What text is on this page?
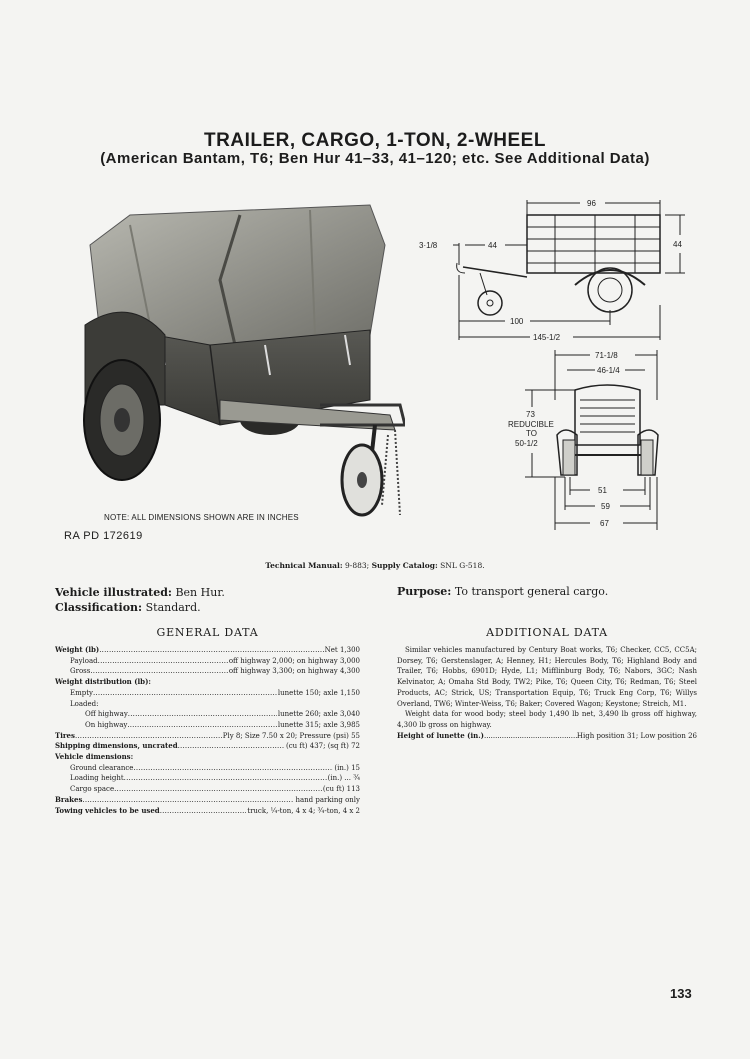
TRAILER, CARGO, 1-TON, 2-WHEEL
(American Bantam, T6; Ben Hur 41–33, 41–120; etc. See Additional Data)
NOTE: ALL DIMENSIONS SHOWN ARE IN INCHES
RA PD 172619
96
3·1/8	44	44
100
145-1/2
71-1/8
46-1/4
73
REDUCIBLE
TO
50-1/2
51
59
67
Technical Manual: 9-883; Supply Catalog: SNL G-518.
Vehicle illustrated: Ben Hur.
Classification: Standard.
Purpose: To transport general cargo.
GENERAL DATA	ADDITIONAL DATA
Weight (lb) .....	Net 1,300
Payload .....	off highway 2,000; on highway 3,000
Gross .....	off highway 3,300; on highway 4,300
Weight distribution (lb):
Empty .....	lunette 150; axle 1,150
Loaded:
Off highway .....	lunette 260; axle 3,040
On highway .....	lunette 315; axle 3,985
Tires .....	Ply 8; Size 7.50 x 20; Pressure (psi) 55
Shipping dimensions, uncrated .....	(cu ft) 437; (sq ft) 72
Vehicle dimensions:
Ground clearance .....	(in.) 15
Loading height .....	(in.) ... ¾
Cargo space .....	(cu ft) 113
Brakes .....	hand parking only
Towing vehicles to be used .....	truck, ¼-ton, 4 x 4; ¾-ton, 4 x 2

Similar vehicles manufactured by Century Boat works, T6; Checker, CC5, CC5A; Dorsey, T6; Gerstenslager, A; Henney, H1; Hercules Body, T6; Highland Body and Trailer, T6; Hobbs, 6901D; Hyde, L1; Mifflinburg Body, T6; Nabors, 3GC; Nash Kelvinator, A; Omaha Std Body, TW2; Pike, T6; Queen City, T6; Redman, T6; Steel Products, AC; Strick, US; Transportation Equip, T6; Truck Eng Corp, T6; Willys Overland, TW6; Winter-Weiss, T6; Baker; Covered Wagon; Keystone; Streich, M1.

Weight data for wood body; steel body 1,490 lb net, 3,490 lb gross off highway, 4,300 lb gross on highway.

Height of lunette (in.) .....	High position 31; Low position 26
133
